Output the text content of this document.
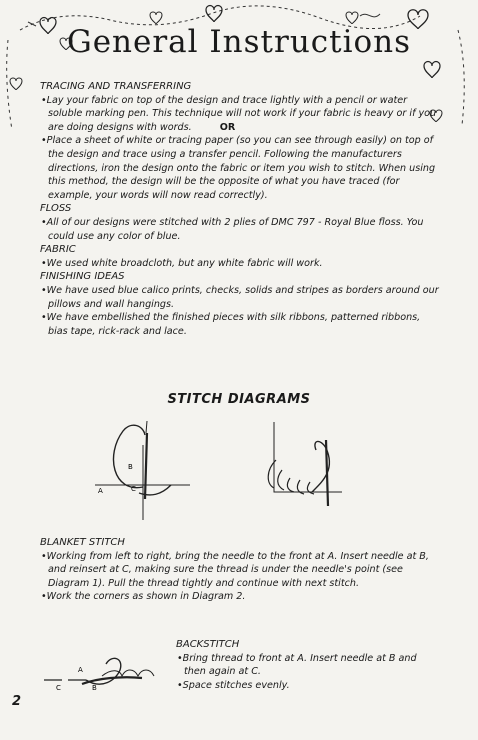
General Instructions

TRACING AND TRANSFERRING

•Lay your fabric on top of the design and trace lightly with a pencil or water soluble marking pen. This technique will not work if your fabric is heavy or if you are doing designs with words.	OR

•Place a sheet of white or tracing paper (so you can see through easily) on top of the design and trace using a transfer pencil. Following the manufacturers directions, iron the design onto the fabric or item you wish to stitch. When using this method, the design will be the opposite of what you have traced (for example, your words will now read correctly).

FLOSS

•All of our designs were stitched with 2 plies of DMC 797 - Royal Blue floss. You could use any color of blue.

FABRIC

•We used white broadcloth, but any white fabric will work.

FINISHING IDEAS

•We have used blue calico prints, checks, solids and stripes as borders around our pillows and wall hangings.

•We have embellished the finished pieces with silk ribbons, patterned ribbons, bias tape, rick-rack and lace.

STITCH DIAGRAMS
B
A	C

BLANKET STITCH

•Working from left to right, bring the needle to the front at A. Insert needle at B, and reinsert at C, making sure the thread is under the needle's point (see Diagram 1). Pull the thread tightly and continue with next stitch.

•Work the corners as shown in Diagram 2.

A
B
C

BACKSTITCH

•Bring thread to front at A. Insert needle at B and then again at C.

•Space stitches evenly.

2
